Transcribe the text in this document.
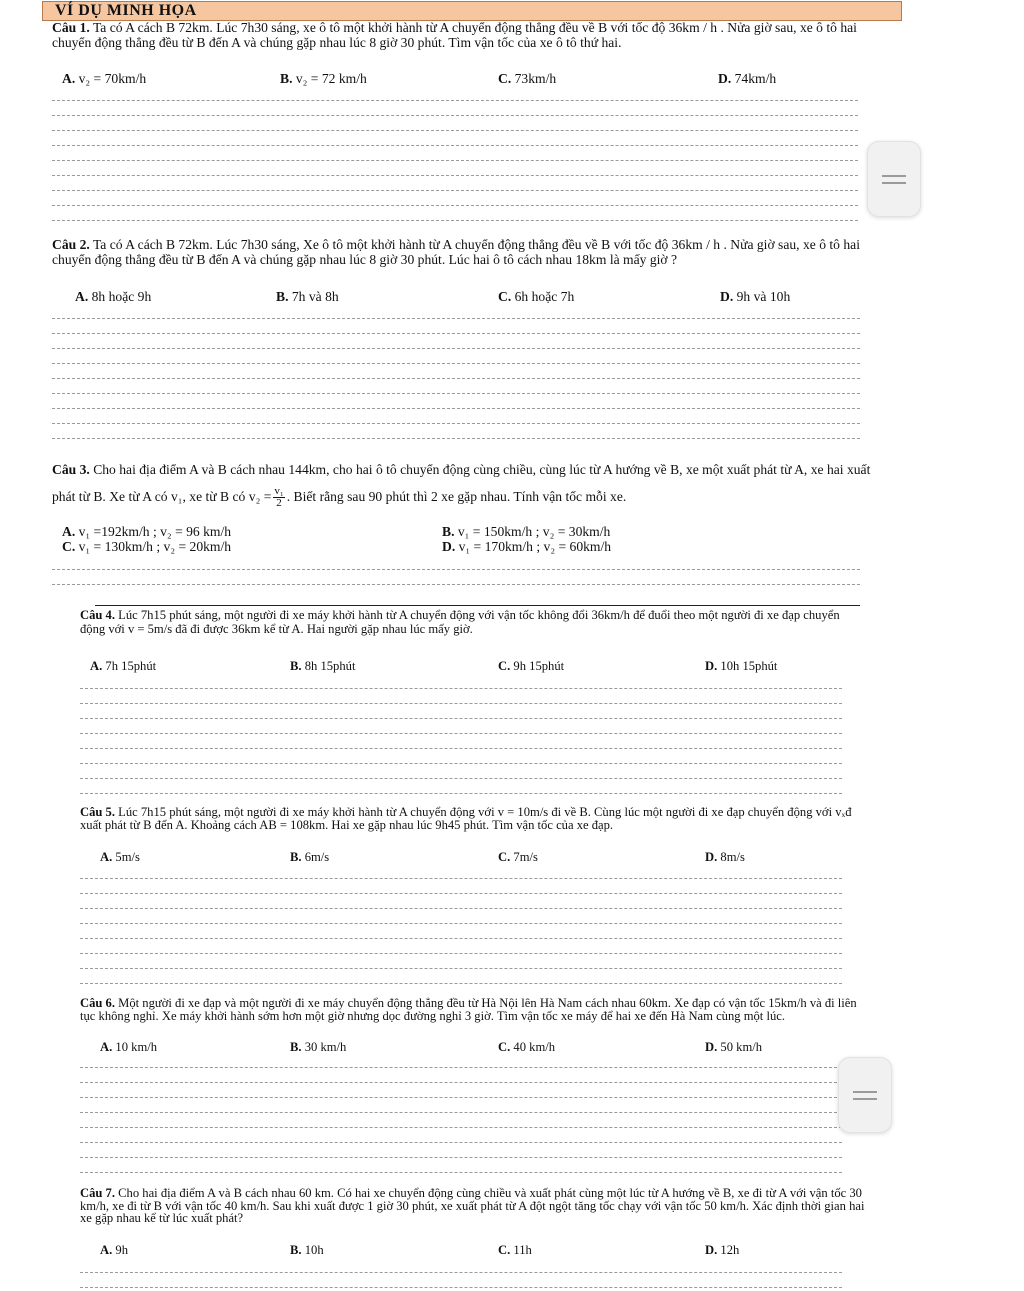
VÍ DỤ MINH HỌA
Câu 1. Ta có A cách B 72km. Lúc 7h30 sáng, xe ô tô một khởi hành từ A chuyển động thẳng đều về B với tốc độ 36km / h . Nửa giờ sau, xe ô tô hai chuyển động thẳng đều từ B đến A và chúng gặp nhau lúc 8 giờ 30 phút. Tìm vận tốc của xe ô tô thứ hai.
A. v₂ = 70km/h	B. v₂ = 72 km/h	C. 73km/h	D. 74km/h
Câu 2. Ta có A cách B 72km. Lúc 7h30 sáng, Xe ô tô một khởi hành từ A chuyển động thẳng đều về B với tốc độ 36km / h . Nửa giờ sau, xe ô tô hai chuyển động thẳng đều từ B đến A và chúng gặp nhau lúc 8 giờ 30 phút. Lúc hai ô tô cách nhau 18km là mấy giờ ?
A. 8h hoặc 9h	B. 7h và 8h	C. 6h hoặc 7h	D. 9h và 10h
Câu 3. Cho hai địa điểm A và B cách nhau 144km, cho hai ô tô chuyển động cùng chiều, cùng lúc từ A hướng về B, xe một xuất phát từ A, xe hai xuất phát từ B. Xe từ A có v₁, xe từ B có $v_2 = \frac{\text{v₁}}{2}$ . Biết rằng sau 90 phút thì 2 xe gặp nhau. Tính vận tốc mỗi xe.
A. v₁ =192km/h ; v₂ = 96 km/h	B. v₁ = 150km/h ; v₂ = 30km/h
C. v₁ = 130km/h ; v₂ = 20km/h	D. v₁ = 170km/h ; v₂ = 60km/h
Câu 4. Lúc 7h15 phút sáng, một người đi xe máy khởi hành từ A chuyển động với vận tốc không đổi 36km/h để đuổi theo một người đi xe đạp chuyển động với v = 5m/s đã đi được 36km kể từ A. Hai người gặp nhau lúc mấy giờ.
A. 7h 15phút	B. 8h 15phút	C. 9h 15phút	D. 10h 15phút
Câu 5. Lúc 7h15 phút sáng, một người đi xe máy khởi hành từ A chuyển động với v = 10m/s đi về B. Cùng lúc một người đi xe đạp chuyển động với vₓđ xuất phát từ B đến A. Khoảng cách AB = 108km. Hai xe gặp nhau lúc 9h45 phút. Tìm vận tốc của xe đạp.
A. 5m/s	B. 6m/s	C. 7m/s	D. 8m/s
Câu 6. Một người đi xe đạp và một người đi xe máy chuyển động thẳng đều từ Hà Nội lên Hà Nam cách nhau 60km. Xe đạp có vận tốc 15km/h và đi liên tục không nghỉ. Xe máy khởi hành sớm hơn một giờ nhưng dọc đường nghỉ 3 giờ. Tìm vận tốc xe máy để hai xe đến Hà Nam cùng một lúc.
A. 10 km/h	B. 30 km/h	C. 40 km/h	D. 50 km/h
Câu 7. Cho hai địa điểm A và B cách nhau 60 km. Có hai xe chuyển động cùng chiều và xuất phát cùng một lúc từ A hướng về B, xe đi từ A với vận tốc 30 km/h, xe đi từ B với vận tốc 40 km/h. Sau khi xuất được 1 giờ 30 phút, xe xuất phát từ A đột ngột tăng tốc chạy với vận tốc 50 km/h. Xác định thời gian hai xe gặp nhau kể từ lúc xuất phát?
A. 9h	B. 10h	C. 11h	D. 12h
